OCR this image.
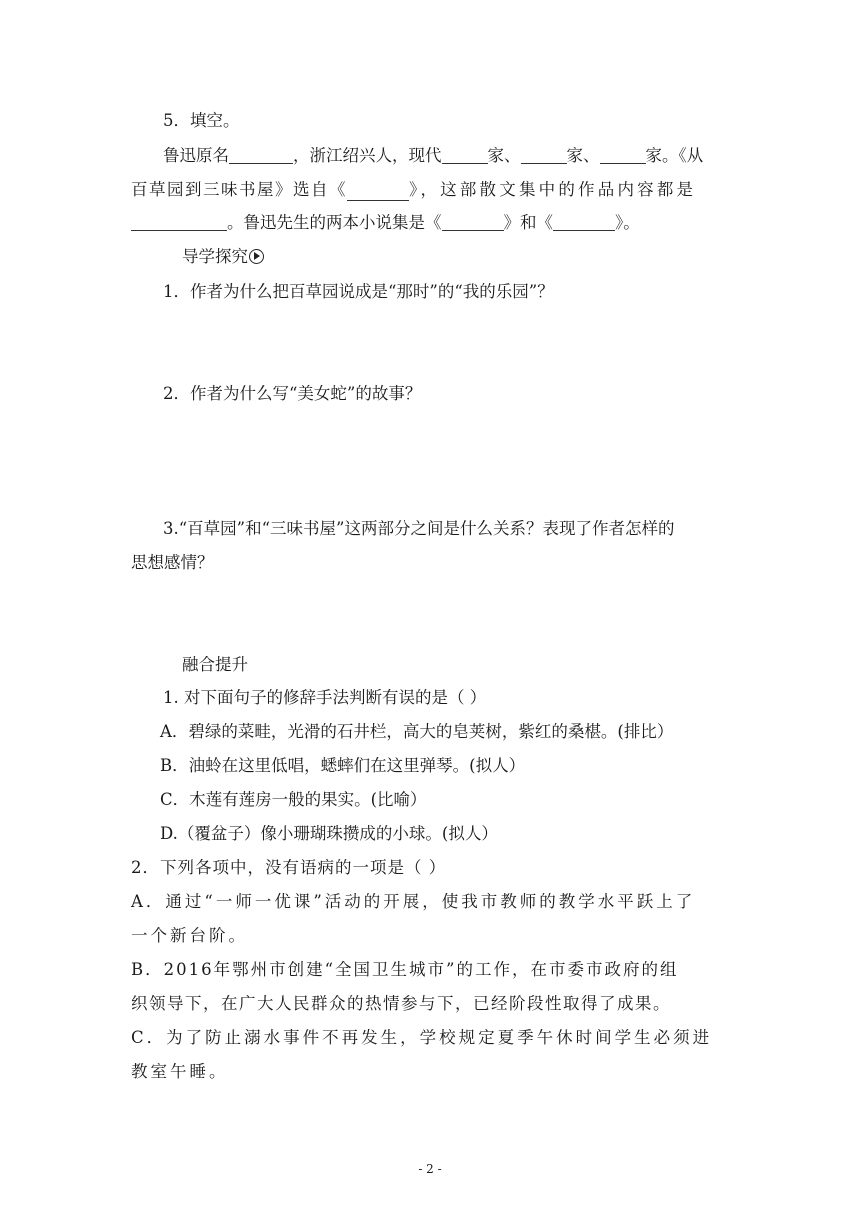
5．填空。
鲁迅原名	，浙江绍兴人，现代	家、	家、	家。《从
百草园到三味书屋》选自《	》，这部散文集中的作品内容都是
。鲁迅先生的两本小说集是《	》和《	》。
导学探究
1．作者为什么把百草园说成是“那时”的“我的乐园”？
2．作者为什么写“美女蛇”的故事？
3.“百草园”和“三味书屋”这两部分之间是什么关系？表现了作者怎样的
思想感情？
融合提升
1. 对下面句子的修辞手法判断有误的是（ ）
A．碧绿的菜畦，光滑的石井栏，高大的皂荚树，紫红的桑椹。(排比）
B．油蛉在这里低唱，蟋蟀们在这里弹琴。(拟人）
C．木莲有莲房一般的果实。(比喻）
D.（覆盆子）像小珊瑚珠攒成的小球。(拟人）
2．下列各项中，没有语病的一项是（ ）
A．通过“一师一优课”活动的开展，使我市教师的教学水平跃上了
一个新台阶。
B．2016年鄂州市创建“全国卫生城市”的工作，在市委市政府的组
织领导下，在广大人民群众的热情参与下，已经阶段性取得了成果。
C．为了防止溺水事件不再发生，学校规定夏季午休时间学生必须进
教室午睡。
- 2 -
